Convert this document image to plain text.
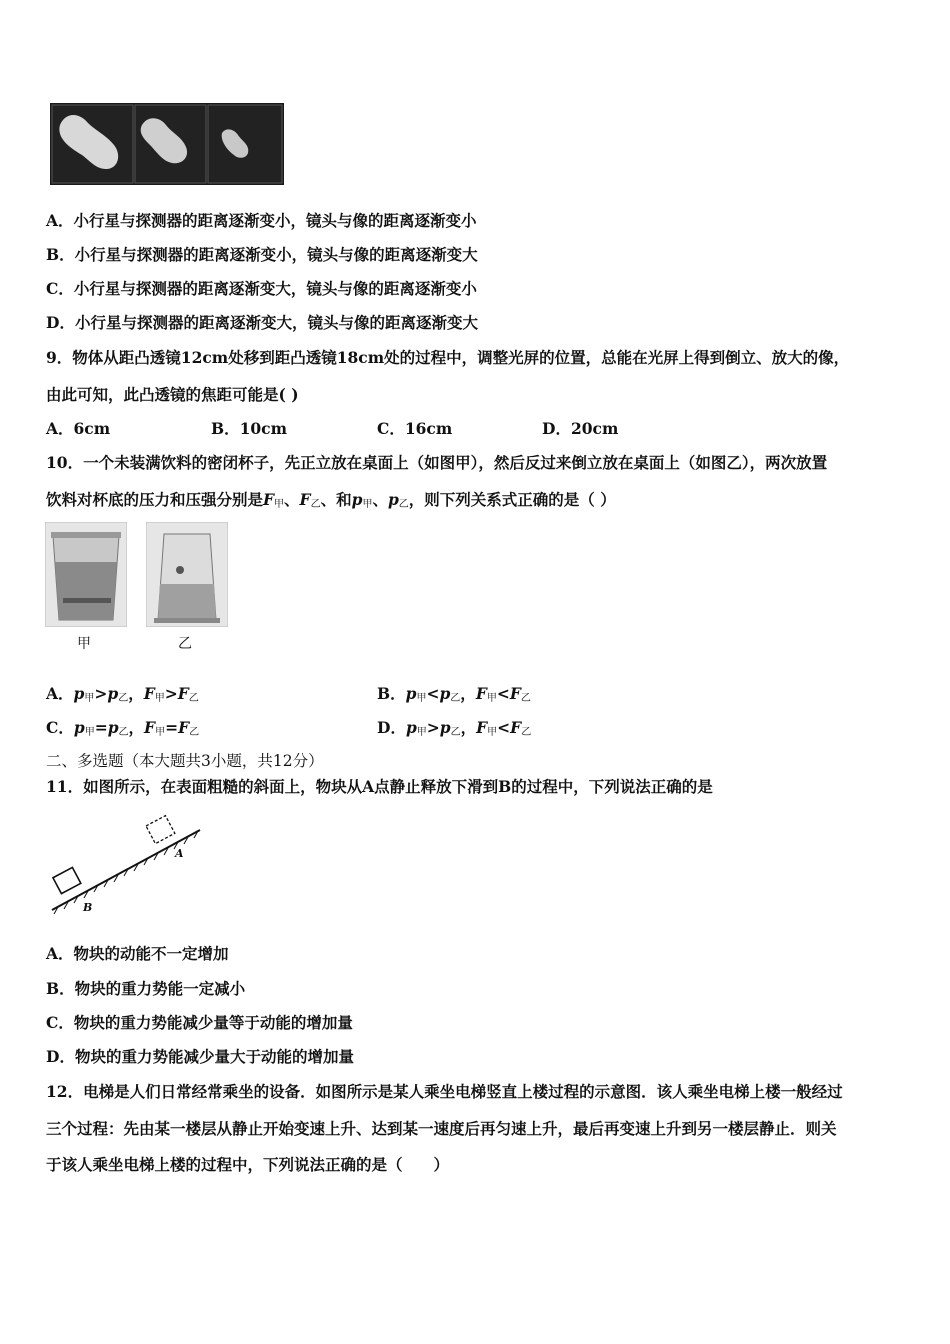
A．小行星与探测器的距离逐渐变小，镜头与像的距离逐渐变小
B．小行星与探测器的距离逐渐变小，镜头与像的距离逐渐变大
C．小行星与探测器的距离逐渐变大，镜头与像的距离逐渐变小
D．小行星与探测器的距离逐渐变大，镜头与像的距离逐渐变大
9．物体从距凸透镜12cm处移到距凸透镜18cm处的过程中，调整光屏的位置，总能在光屏上得到倒立、放大的像，
由此可知，此凸透镜的焦距可能是( )
A．6cm	B．10cm	C．16cm	D．20cm
10．一个未装满饮料的密闭杯子，先正立放在桌面上（如图甲），然后反过来倒立放在桌面上（如图乙），两次放置
饮料对杯底的压力和压强分别是$F_甲$、$F_乙$、和$p_甲$、$p_乙$，则下列关系式正确的是（ ）
甲	乙
A．$p_甲>p_乙$，$F_甲>F_乙$	B．$p_甲<p_乙$，$F_甲<F_乙$
C．$p_甲=p_乙$，$F_甲=F_乙$	D．$p_甲>p_乙$，$F_甲<F_乙$
二、多选题（本大题共3小题，共12分）
11．如图所示，在表面粗糙的斜面上，物块从A点静止释放下滑到B的过程中，下列说法正确的是
A
B
A．物块的动能不一定增加
B．物块的重力势能一定减小
C．物块的重力势能减少量等于动能的增加量
D．物块的重力势能减少量大于动能的增加量
12．电梯是人们日常经常乘坐的设备．如图所示是某人乘坐电梯竖直上楼过程的示意图．该人乘坐电梯上楼一般经过
三个过程：先由某一楼层从静止开始变速上升、达到某一速度后再匀速上升，最后再变速上升到另一楼层静止．则关
于该人乘坐电梯上楼的过程中，下列说法正确的是（　　）
